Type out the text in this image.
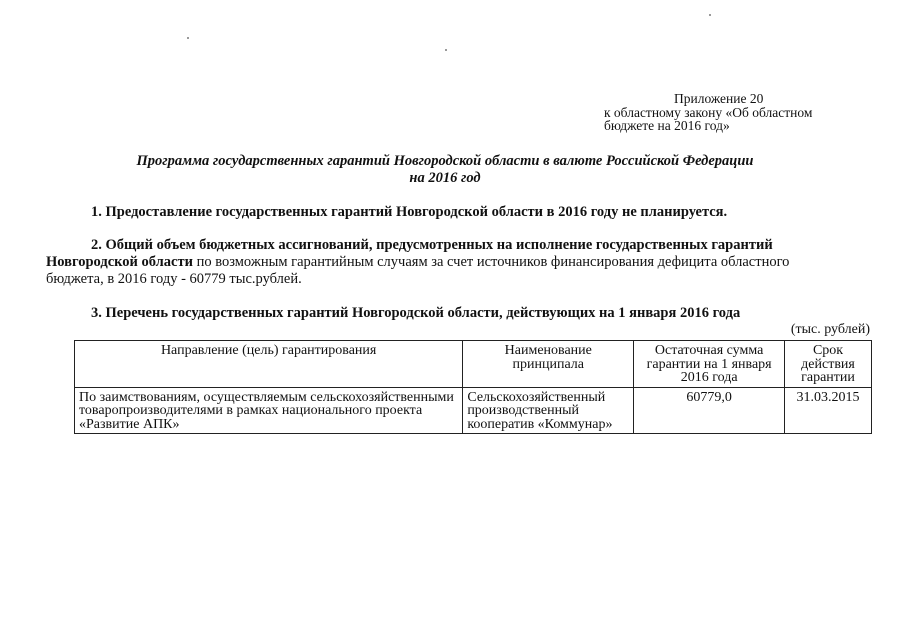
Приложение 20
к областному закону «Об областном
бюджете на 2016 год»
Программа государственных гарантий Новгородской области в валюте Российской Федерации
на 2016 год
1. Предоставление государственных гарантий Новгородской области в 2016 году не планируется.
2. Общий объем бюджетных ассигнований, предусмотренных на исполнение государственных гарантий Новгородской области по возможным гарантийным случаям за счет источников финансирования дефицита областного бюджета, в 2016 году - 60779 тыс.рублей.
3. Перечень государственных гарантий Новгородской области, действующих на 1 января 2016 года
(тыс. рублей)
Направление (цель) гарантирования	Наименование принципала	Остаточная сумма гарантии на 1 января 2016 года	Срок действия гарантии
По заимствованиям, осуществляемым сельскохозяйственными товаропроизводителями в рамках национального проекта «Развитие АПК»	Сельскохозяйственный производственный кооператив «Коммунар»	60779,0	31.03.2015
